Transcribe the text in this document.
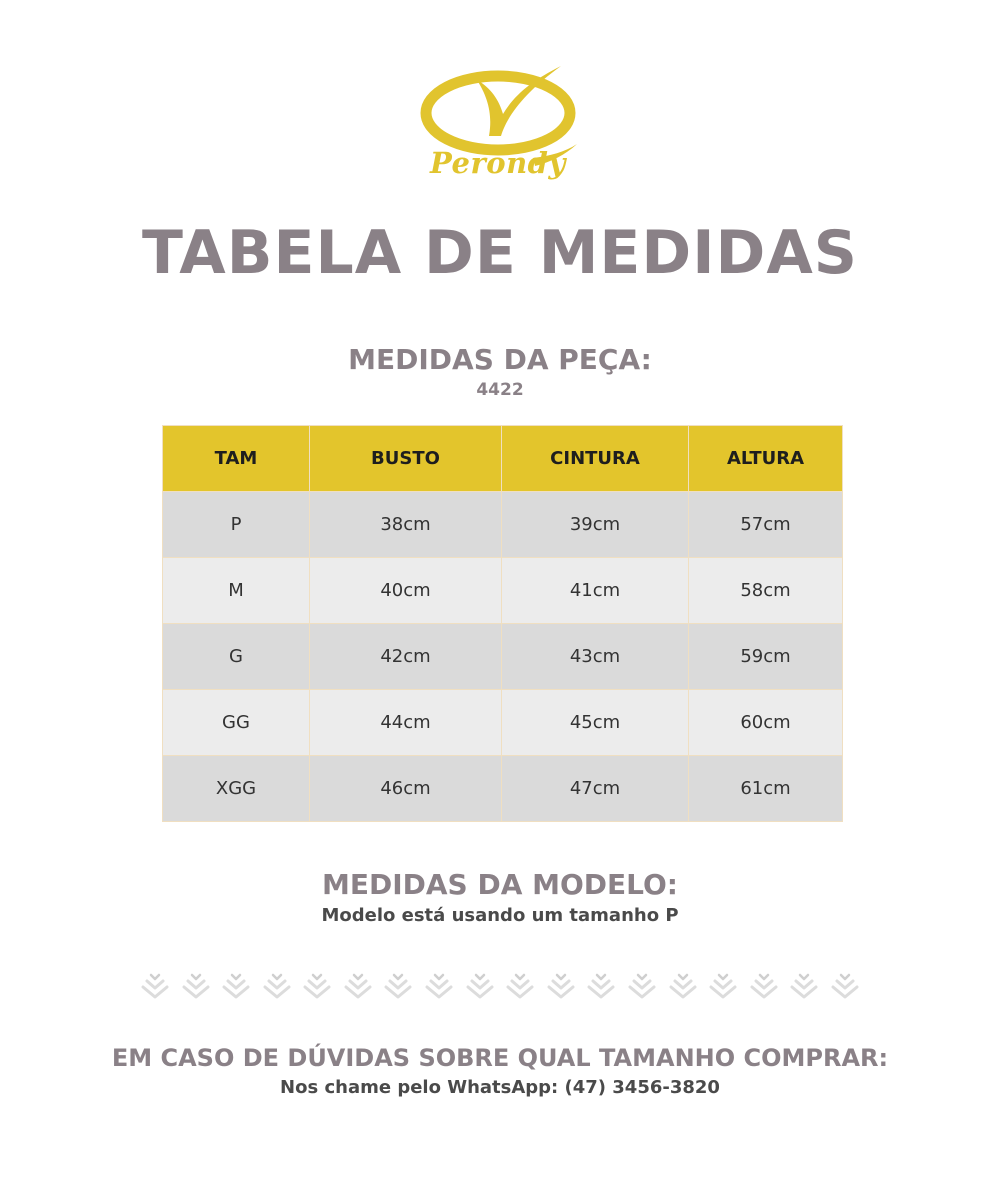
Perondy
TABELA DE MEDIDAS
MEDIDAS DA PEÇA:
4422
TAM	BUSTO	CINTURA	ALTURA
P	38cm	39cm	57cm
M	40cm	41cm	58cm
G	42cm	43cm	59cm
GG	44cm	45cm	60cm
XGG	46cm	47cm	61cm
MEDIDAS DA MODELO:
Modelo está usando um tamanho P
EM CASO DE DÚVIDAS SOBRE QUAL TAMANHO COMPRAR:
Nos chame pelo WhatsApp: (47) 3456-3820
